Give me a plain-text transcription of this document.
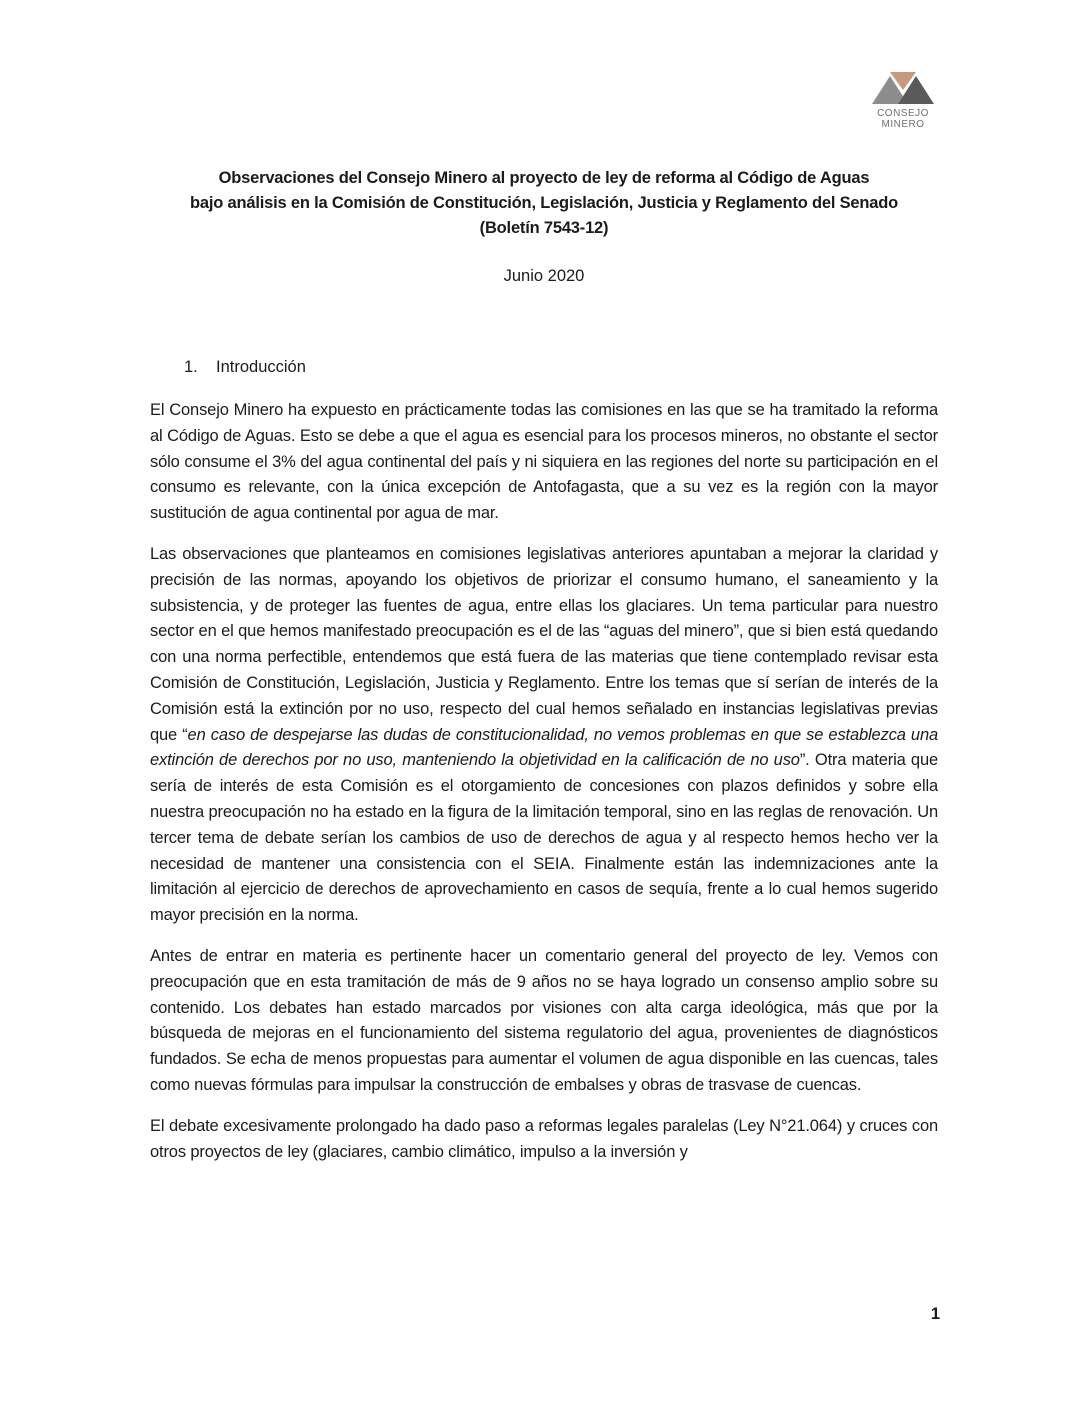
CONSEJO
MINERO
Observaciones del Consejo Minero al proyecto de ley de reforma al Código de Aguas
bajo análisis en la Comisión de Constitución, Legislación, Justicia y Reglamento del Senado
(Boletín 7543-12)
Junio 2020
1. Introducción

El Consejo Minero ha expuesto en prácticamente todas las comisiones en las que se ha tramitado la reforma al Código de Aguas. Esto se debe a que el agua es esencial para los procesos mineros, no obstante el sector sólo consume el 3% del agua continental del país y ni siquiera en las regiones del norte su participación en el consumo es relevante, con la única excepción de Antofagasta, que a su vez es la región con la mayor sustitución de agua continental por agua de mar.

Las observaciones que planteamos en comisiones legislativas anteriores apuntaban a mejorar la claridad y precisión de las normas, apoyando los objetivos de priorizar el consumo humano, el saneamiento y la subsistencia, y de proteger las fuentes de agua, entre ellas los glaciares. Un tema particular para nuestro sector en el que hemos manifestado preocupación es el de las “aguas del minero”, que si bien está quedando con una norma perfectible, entendemos que está fuera de las materias que tiene contemplado revisar esta Comisión de Constitución, Legislación, Justicia y Reglamento. Entre los temas que sí serían de interés de la Comisión está la extinción por no uso, respecto del cual hemos señalado en instancias legislativas previas que “en caso de despejarse las dudas de constitucionalidad, no vemos problemas en que se establezca una extinción de derechos por no uso, manteniendo la objetividad en la calificación de no uso”. Otra materia que sería de interés de esta Comisión es el otorgamiento de concesiones con plazos definidos y sobre ella nuestra preocupación no ha estado en la figura de la limitación temporal, sino en las reglas de renovación. Un tercer tema de debate serían los cambios de uso de derechos de agua y al respecto hemos hecho ver la necesidad de mantener una consistencia con el SEIA. Finalmente están las indemnizaciones ante la limitación al ejercicio de derechos de aprovechamiento en casos de sequía, frente a lo cual hemos sugerido mayor precisión en la norma.

Antes de entrar en materia es pertinente hacer un comentario general del proyecto de ley. Vemos con preocupación que en esta tramitación de más de 9 años no se haya logrado un consenso amplio sobre su contenido. Los debates han estado marcados por visiones con alta carga ideológica, más que por la búsqueda de mejoras en el funcionamiento del sistema regulatorio del agua, provenientes de diagnósticos fundados. Se echa de menos propuestas para aumentar el volumen de agua disponible en las cuencas, tales como nuevas fórmulas para impulsar la construcción de embalses y obras de trasvase de cuencas.

El debate excesivamente prolongado ha dado paso a reformas legales paralelas (Ley N°21.064) y cruces con otros proyectos de ley (glaciares, cambio climático, impulso a la inversión y

1
